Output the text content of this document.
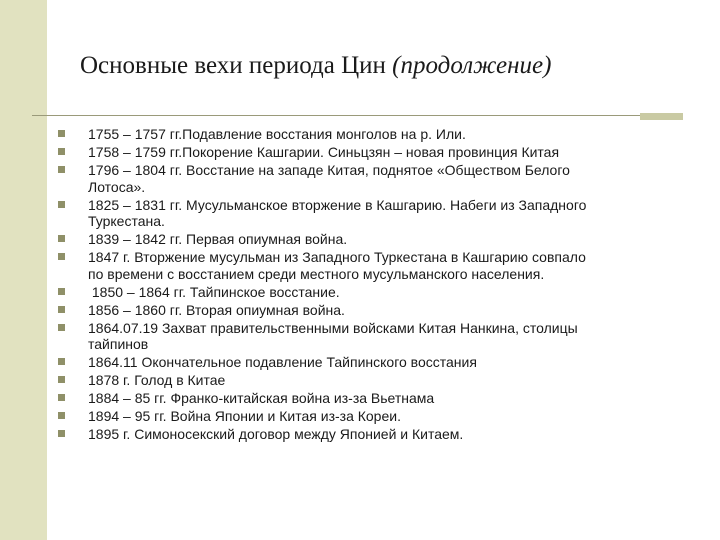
Основные вехи периода Цин (продолжение)
1755 – 1757 гг.Подавление восстания монголов на р. Или.
1758 – 1759 гг.Покорение Кашгарии. Синьцзян – новая провинция Китая
1796 – 1804 гг. Восстание на западе Китая, поднятое «Обществом Белого
Лотоса».
1825 – 1831 гг. Мусульманское вторжение в Кашгарию. Набеги из Западного
Туркестана.
1839 – 1842 гг. Первая опиумная война.
1847 г. Вторжение мусульман из Западного Туркестана в Кашгарию совпало
по времени с восстанием среди местного мусульманского населения.
1850 – 1864 гг. Тайпинское восстание.
1856 – 1860 гг. Вторая опиумная война.
1864.07.19 Захват правительственными войсками Китая Нанкина, столицы
тайпинов
1864.11 Окончательное подавление Тайпинского восстания
1878 г. Голод в Китае
1884 – 85 гг. Франко-китайская война из-за Вьетнама
1894 – 95 гг. Война Японии и Китая из-за Кореи.
1895 г. Симоносекский договор между Японией и Китаем.
